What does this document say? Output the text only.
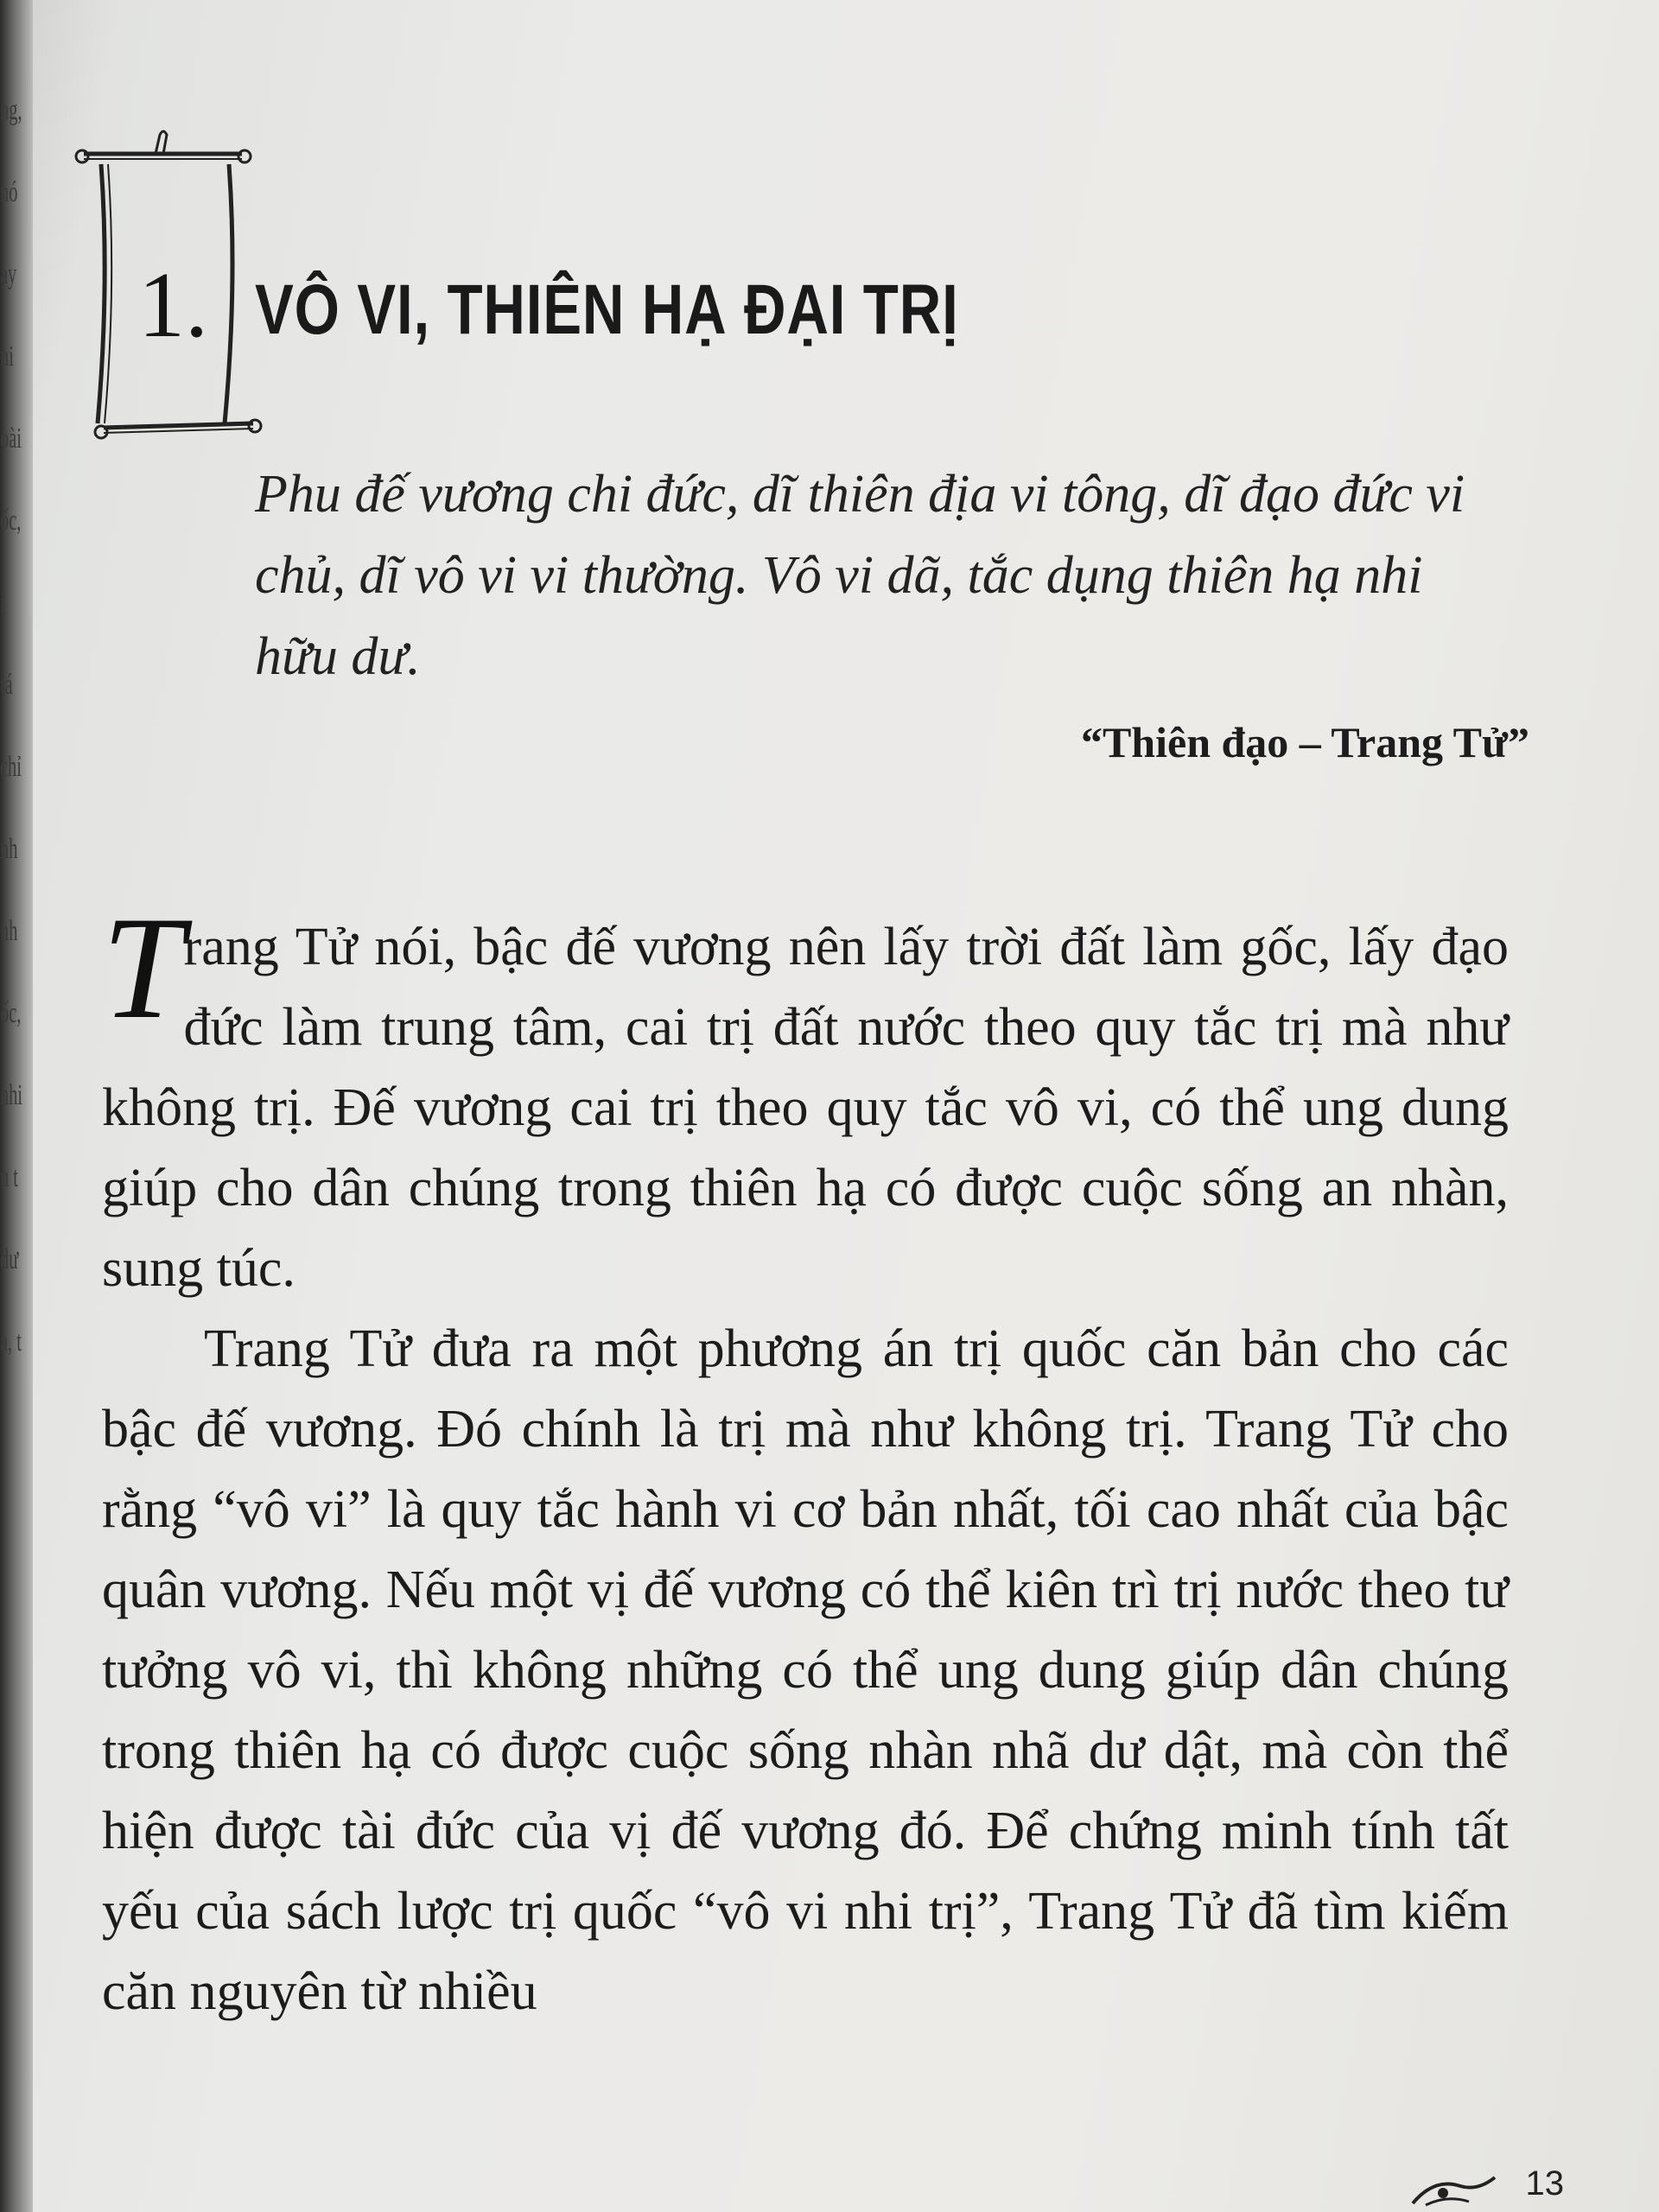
ng,
nó
ay
ni
oài
ốc,
i
tá
chỉ
nh
nh
ốc,
nhi
u t
dư
a, t
1. VÔ VI, THIÊN HẠ ĐẠI TRỊ

Phu đế vương chi đức, dĩ thiên địa vi tông, dĩ đạo đức vi chủ, dĩ vô vi vi thường. Vô vi dã, tắc dụng thiên hạ nhi hữu dư.

“Thiên đạo – Trang Tử”

Trang Tử nói, bậc đế vương nên lấy trời đất làm gốc, lấy đạo đức làm trung tâm, cai trị đất nước theo quy tắc trị mà như không trị. Đế vương cai trị theo quy tắc vô vi, có thể ung dung giúp cho dân chúng trong thiên hạ có được cuộc sống an nhàn, sung túc.

Trang Tử đưa ra một phương án trị quốc căn bản cho các bậc đế vương. Đó chính là trị mà như không trị. Trang Tử cho rằng “vô vi” là quy tắc hành vi cơ bản nhất, tối cao nhất của bậc quân vương. Nếu một vị đế vương có thể kiên trì trị nước theo tư tưởng vô vi, thì không những có thể ung dung giúp dân chúng trong thiên hạ có được cuộc sống nhàn nhã dư dật, mà còn thể hiện được tài đức của vị đế vương đó. Để chứng minh tính tất yếu của sách lược trị quốc “vô vi nhi trị”, Trang Tử đã tìm kiếm căn nguyên từ nhiều

13
